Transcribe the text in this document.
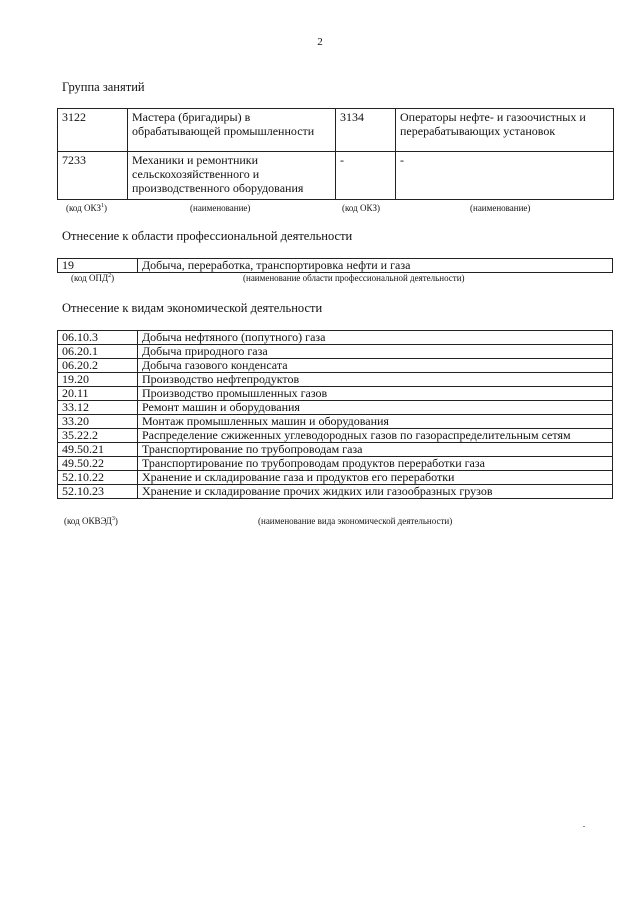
2
Группа занятий
3122	Мастера (бригадиры) в обрабатывающей промышленности	3134	Операторы нефте- и газоочистных и перерабатывающих установок
7233	Механики и ремонтники сельскохозяйственного и производственного оборудования	-	-
(код ОКЗ$^1$)	(наименование)	(код ОКЗ)	(наименование)
Отнесение к области профессиональной деятельности
19	Добыча, переработка, транспортировка нефти и газа
(код ОПД$^2$)	(наименование области профессиональной деятельности)
Отнесение к видам экономической деятельности
06.10.3	Добыча нефтяного (попутного) газа
06.20.1	Добыча природного газа
06.20.2	Добыча газового конденсата
19.20	Производство нефтепродуктов
20.11	Производство промышленных газов
33.12	Ремонт машин и оборудования
33.20	Монтаж промышленных машин и оборудования
35.22.2	Распределение сжиженных углеводородных газов по газораспределительным сетям
49.50.21	Транспортирование по трубопроводам газа
49.50.22	Транспортирование по трубопроводам продуктов переработки газа
52.10.22	Хранение и складирование газа и продуктов его переработки
52.10.23	Хранение и складирование прочих жидких или газообразных грузов
(код ОКВЭД$^3$)	(наименование вида экономической деятельности)
